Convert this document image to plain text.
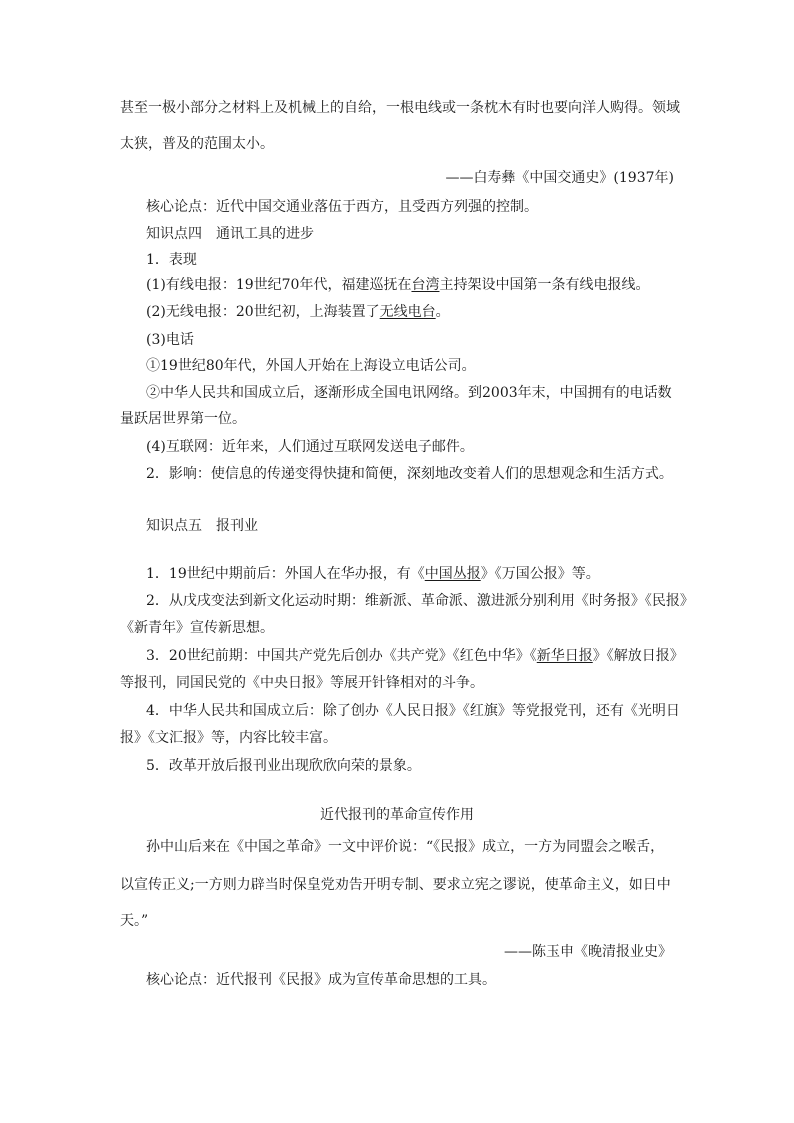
甚至一极小部分之材料上及机械上的自给，一根电线或一条枕木有时也要向洋人购得。领域
太狭，普及的范围太小。
——白寿彝《中国交通史》(1937年)
核心论点：近代中国交通业落伍于西方，且受西方列强的控制。
知识点四　通讯工具的进步
1．表现
(1)有线电报：19世纪70年代，福建巡抚在台湾主持架设中国第一条有线电报线。
(2)无线电报：20世纪初，上海装置了无线电台。
(3)电话
①19世纪80年代，外国人开始在上海设立电话公司。
②中华人民共和国成立后，逐渐形成全国电讯网络。到2003年末，中国拥有的电话数
量跃居世界第一位。
(4)互联网：近年来，人们通过互联网发送电子邮件。
2．影响：使信息的传递变得快捷和简便，深刻地改变着人们的思想观念和生活方式。
知识点五　报刊业
1．19世纪中期前后：外国人在华办报，有《中国丛报》《万国公报》等。
2．从戊戌变法到新文化运动时期：维新派、革命派、激进派分别利用《时务报》《民报》
《新青年》宣传新思想。
3．20世纪前期：中国共产党先后创办《共产党》《红色中华》《新华日报》《解放日报》
等报刊，同国民党的《中央日报》等展开针锋相对的斗争。
4．中华人民共和国成立后：除了创办《人民日报》《红旗》等党报党刊，还有《光明日
报》《文汇报》等，内容比较丰富。
5．改革开放后报刊业出现欣欣向荣的景象。
近代报刊的革命宣传作用
孙中山后来在《中国之革命》一文中评价说：“《民报》成立，一方为同盟会之喉舌，
以宣传正义;一方则力辟当时保皇党劝告开明专制、要求立宪之谬说，使革命主义，如日中
天。”
——陈玉申《晚清报业史》
核心论点：近代报刊《民报》成为宣传革命思想的工具。
